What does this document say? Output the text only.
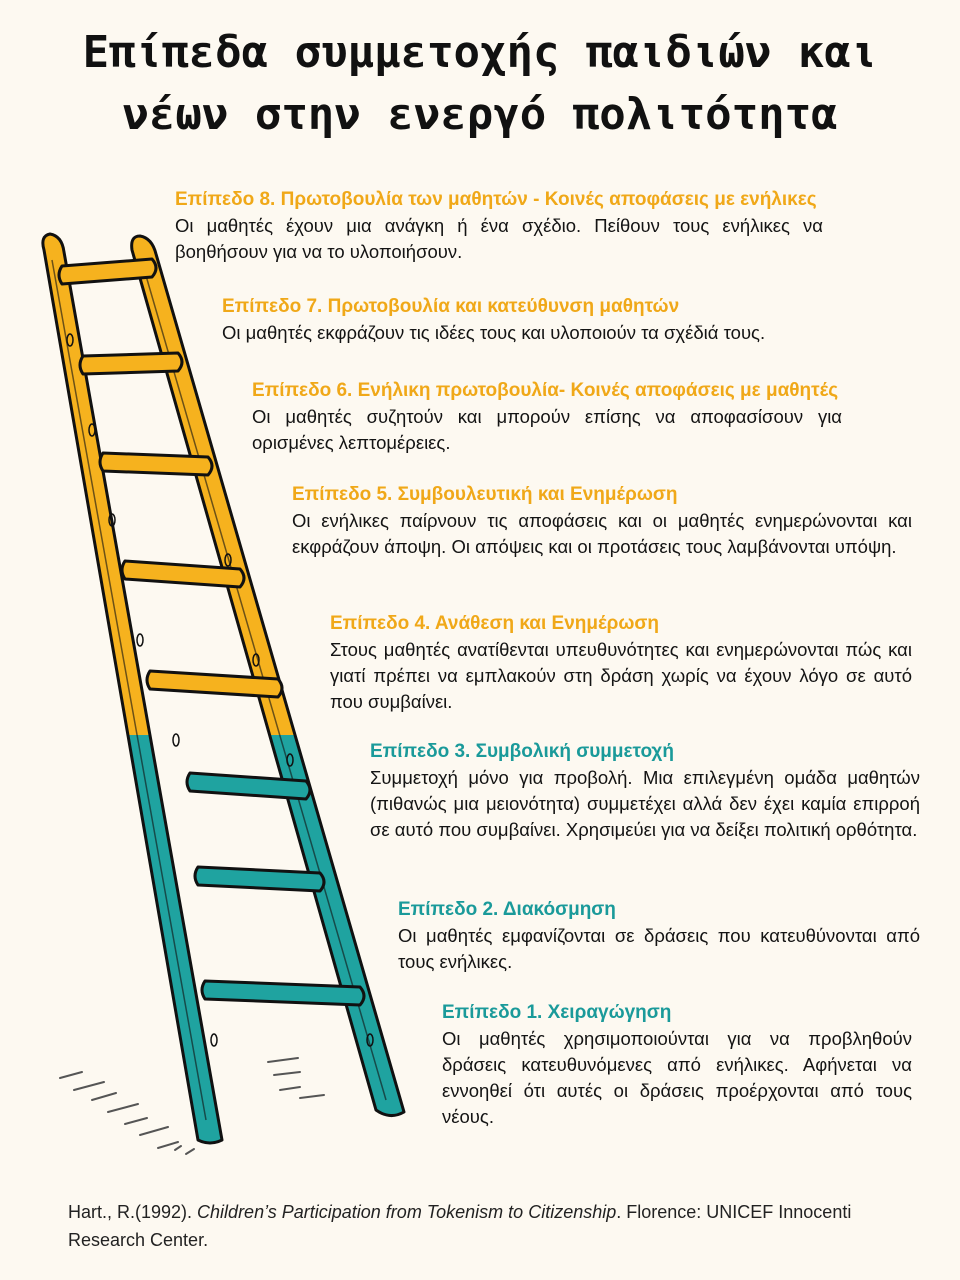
Επίπεδα συμμετοχής παιδιών και
νέων στην ενεργό πολιτότητα
Επίπεδο 8. Πρωτοβουλία των μαθητών - Κοινές αποφάσεις με ενήλικες
Οι μαθητές έχουν μια ανάγκη ή ένα σχέδιο. Πείθουν τους ενήλικες να βοηθήσουν για να το υλοποιήσουν.
Επίπεδο 7. Πρωτοβουλία και κατεύθυνση μαθητών
Οι μαθητές εκφράζουν τις ιδέες τους και υλοποιούν τα σχέδιά τους.
Επίπεδο 6. Ενήλικη πρωτοβουλία- Κοινές αποφάσεις με μαθητές
Οι μαθητές συζητούν και μπορούν επίσης να αποφασίσουν για ορισμένες λεπτομέρειες.
Επίπεδο 5. Συμβουλευτική και Ενημέρωση
Οι ενήλικες παίρνουν τις αποφάσεις και οι μαθητές ενημερώνονται και εκφράζουν άποψη. Οι απόψεις και οι προτάσεις τους λαμβάνονται υπόψη.
Επίπεδο 4. Ανάθεση και Ενημέρωση
Στους μαθητές ανατίθενται υπευθυνότητες και ενημερώνονται πώς και γιατί πρέπει να εμπλακούν στη δράση χωρίς να έχουν λόγο σε αυτό που συμβαίνει.
Επίπεδο 3. Συμβολική συμμετοχή
Συμμετοχή μόνο για προβολή. Μια επιλεγμένη ομάδα μαθητών (πιθανώς μια μειονότητα) συμμετέχει αλλά δεν έχει καμία επιρροή σε αυτό που συμβαίνει. Χρησιμεύει για να δείξει πολιτική ορθότητα.
Επίπεδο 2. Διακόσμηση
Οι μαθητές εμφανίζονται σε δράσεις που κατευθύνονται από τους ενήλικες.
Επίπεδο 1. Χειραγώγηση
Οι μαθητές χρησιμοποιούνται για να προβληθούν δράσεις κατευθυνόμενες από ενήλικες. Αφήνεται να εννοηθεί ότι αυτές οι δράσεις προέρχονται από τους νέους.
Hart., R.(1992). Children’s Participation from Tokenism to Citizenship. Florence: UNICEF Innocenti Research Center.
